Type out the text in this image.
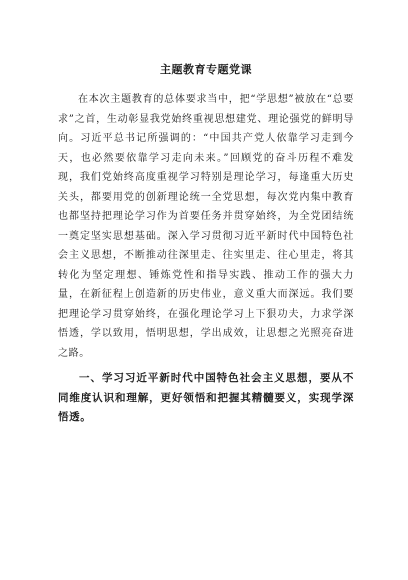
主题教育专题党课

在本次主题教育的总体要求当中，把“学思想”被放在“总要求”之首，生动彰显我党始终重视思想建党、理论强党的鲜明导向。习近平总书记所强调的：“中国共产党人依靠学习走到今天，也必然要依靠学习走向未来。”回顾党的奋斗历程不难发现，我们党始终高度重视学习特别是理论学习，每逢重大历史关头，都要用党的创新理论统一全党思想，每次党内集中教育也都坚持把理论学习作为首要任务并贯穿始终，为全党团结统一奠定坚实思想基础。深入学习贯彻习近平新时代中国特色社会主义思想，不断推动往深里走、往实里走、往心里走，将其转化为坚定理想、锤炼党性和指导实践、推动工作的强大力量，在新征程上创造新的历史伟业，意义重大而深远。我们要把理论学习贯穿始终，在强化理论学习上下狠功夫，力求学深悟透，学以致用，悟明思想，学出成效，让思想之光照亮奋进之路。

一、学习习近平新时代中国特色社会主义思想，要从不同维度认识和理解，更好领悟和把握其精髓要义，实现学深悟透。
